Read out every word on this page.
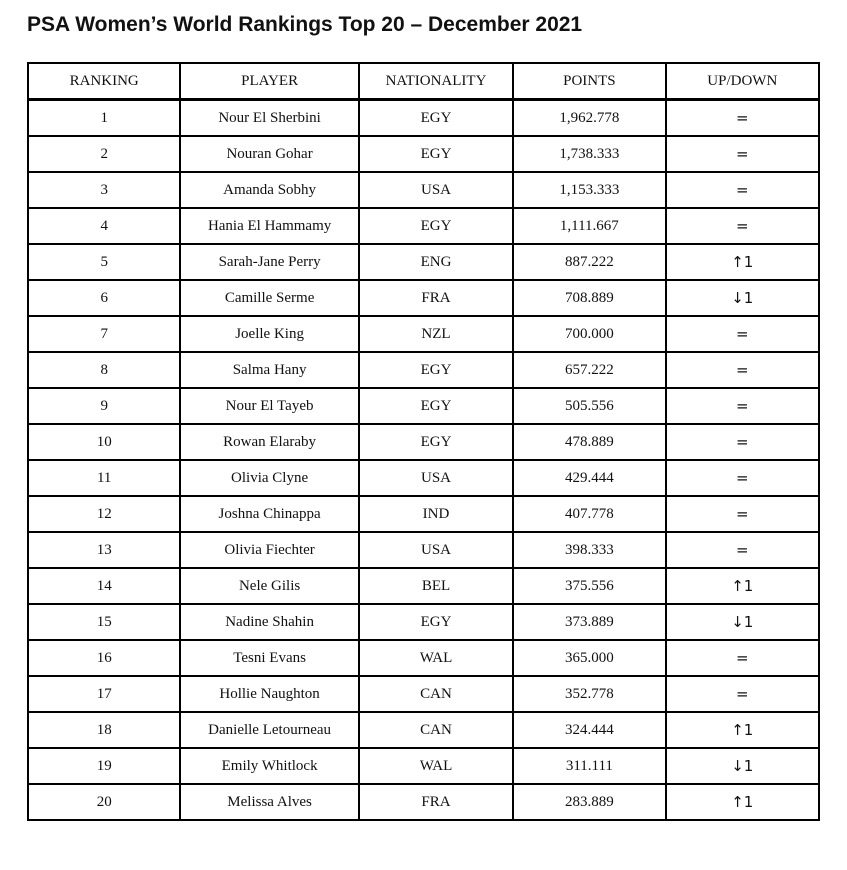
PSA Women’s World Rankings Top 20 – December 2021
RANKING	PLAYER	NATIONALITY	POINTS	UP/DOWN
1	Nour El Sherbini	EGY	1,962.778	=
2	Nouran Gohar	EGY	1,738.333	=
3	Amanda Sobhy	USA	1,153.333	=
4	Hania El Hammamy	EGY	1,111.667	=
5	Sarah-Jane Perry	ENG	887.222	↑1
6	Camille Serme	FRA	708.889	↓1
7	Joelle King	NZL	700.000	=
8	Salma Hany	EGY	657.222	=
9	Nour El Tayeb	EGY	505.556	=
10	Rowan Elaraby	EGY	478.889	=
11	Olivia Clyne	USA	429.444	=
12	Joshna Chinappa	IND	407.778	=
13	Olivia Fiechter	USA	398.333	=
14	Nele Gilis	BEL	375.556	↑1
15	Nadine Shahin	EGY	373.889	↓1
16	Tesni Evans	WAL	365.000	=
17	Hollie Naughton	CAN	352.778	=
18	Danielle Letourneau	CAN	324.444	↑1
19	Emily Whitlock	WAL	311.111	↓1
20	Melissa Alves	FRA	283.889	↑1
